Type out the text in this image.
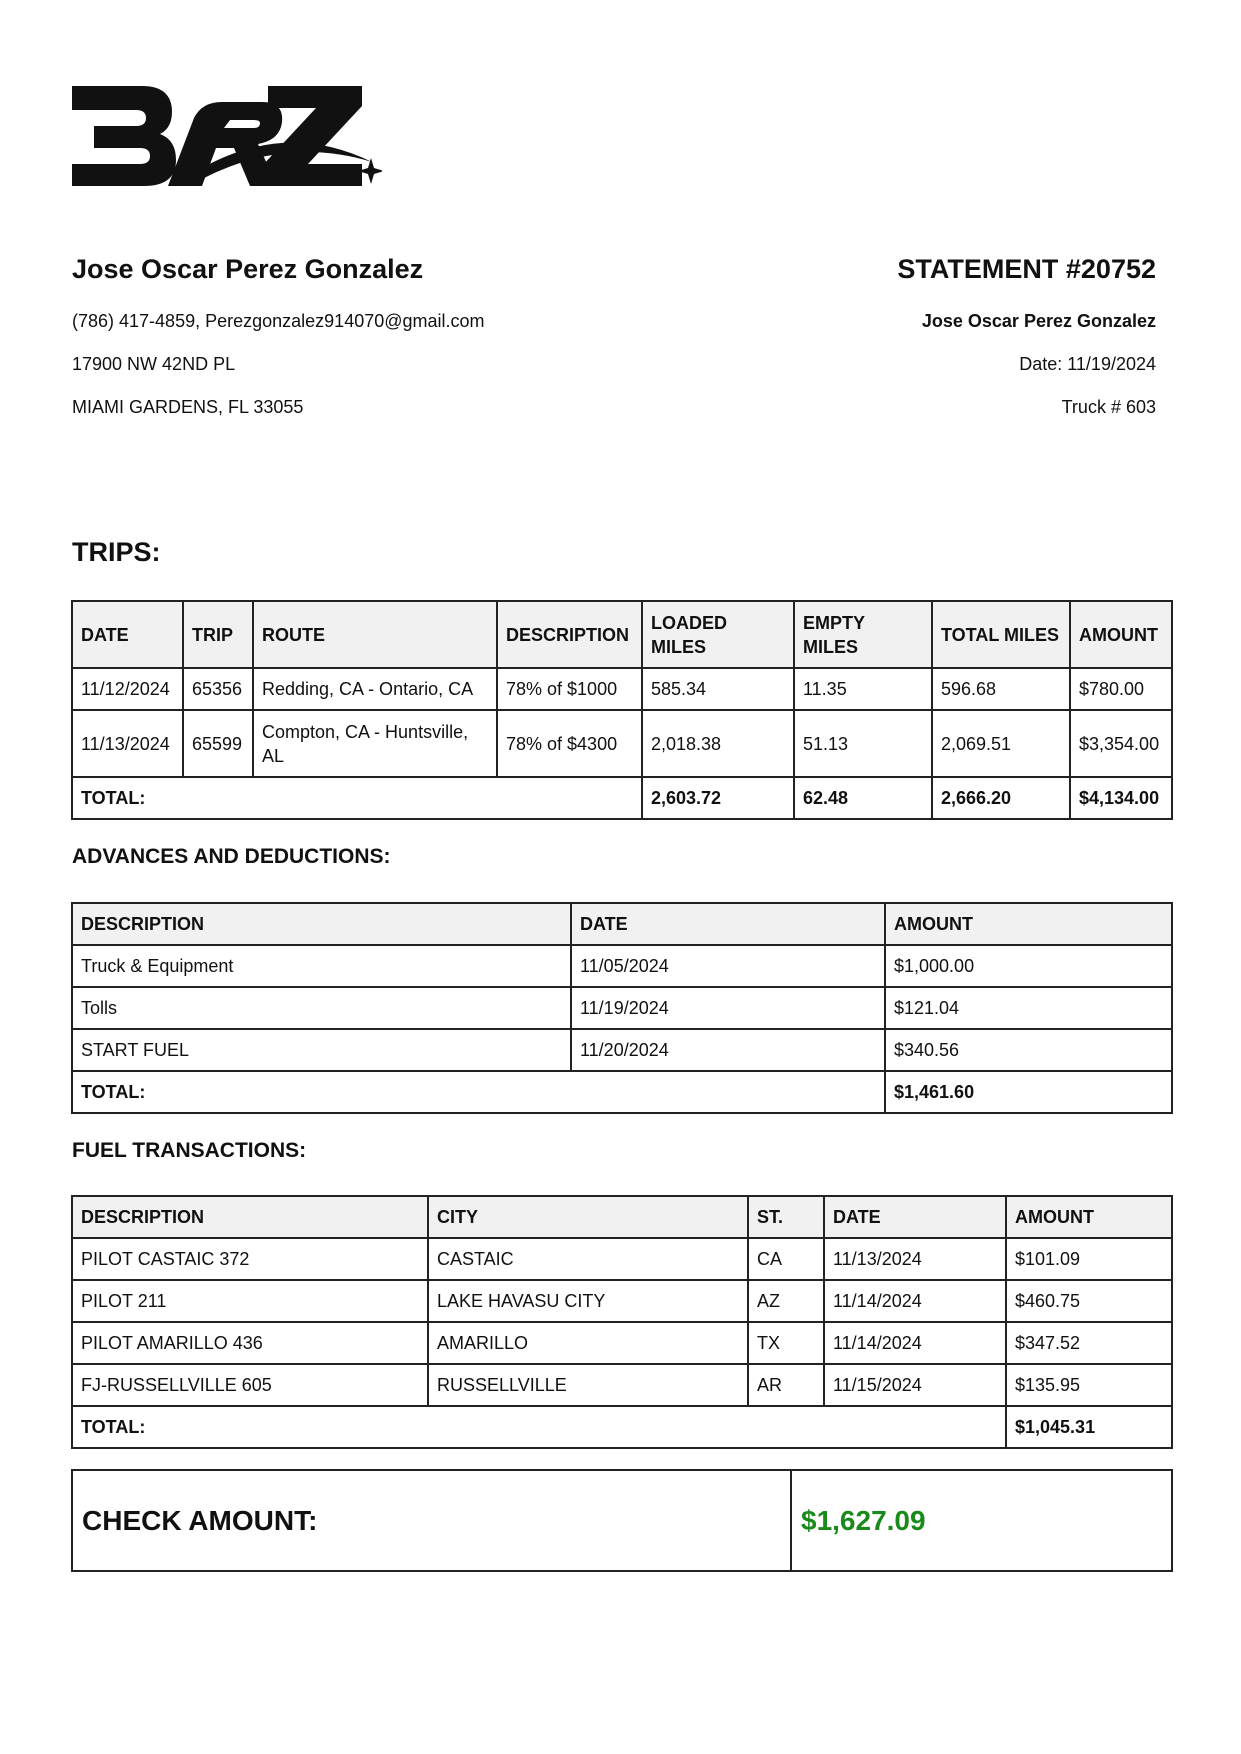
Jose Oscar Perez Gonzalez
(786) 417-4859, Perezgonzalez914070@gmail.com
17900 NW 42ND PL
MIAMI GARDENS, FL 33055
STATEMENT #20752
Jose Oscar Perez Gonzalez
Date: 11/19/2024
Truck # 603
TRIPS:
DATE	TRIP	ROUTE	DESCRIPTION	LOADED MILES	EMPTY MILES	TOTAL MILES	AMOUNT
11/12/2024	65356	Redding, CA - Ontario, CA	78% of $1000	585.34	11.35	596.68	$780.00
11/13/2024	65599	Compton, CA - Huntsville, AL	78% of $4300	2,018.38	51.13	2,069.51	$3,354.00
TOTAL:				2,603.72	62.48	2,666.20	$4,134.00
ADVANCES AND DEDUCTIONS:
DESCRIPTION	DATE	AMOUNT
Truck & Equipment	11/05/2024	$1,000.00
Tolls	11/19/2024	$121.04
START FUEL	11/20/2024	$340.56
TOTAL:		$1,461.60
FUEL TRANSACTIONS:
DESCRIPTION	CITY	ST.	DATE	AMOUNT
PILOT CASTAIC 372	CASTAIC	CA	11/13/2024	$101.09
PILOT 211	LAKE HAVASU CITY	AZ	11/14/2024	$460.75
PILOT AMARILLO 436	AMARILLO	TX	11/14/2024	$347.52
FJ-RUSSELLVILLE 605	RUSSELLVILLE	AR	11/15/2024	$135.95
TOTAL:				$1,045.31
CHECK AMOUNT:	$1,627.09
